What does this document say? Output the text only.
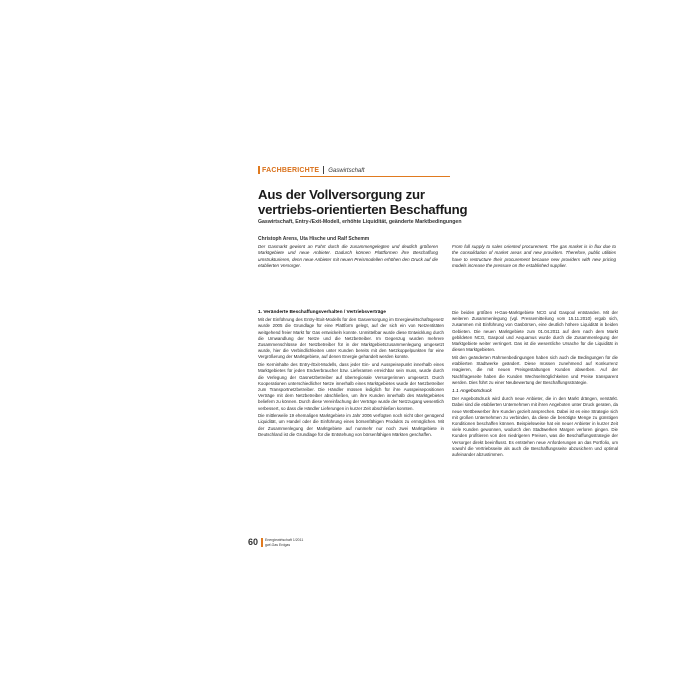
FACHBERICHTE Gaswirtschaft
Aus der Vollversorgung zur
vertriebs-orientierten Beschaffung
Gaswirtschaft, Entry-/Exit-Modell, erhöhte Liquidität, geänderte Marktbedingungen
Christoph Arens, Uta Hische und Ralf Schemm
Der Gasmarkt gewinnt an Fahrt durch die zusammengelegten und deutlich größeren Marktgebiete und neue Anbieter. Dadurch können Plattformen ihre Beschaffung umstrukturieren, denn neue Anbieter mit neuen Preismodellen erhöhen den Druck auf die etablierten Versorger.
From full supply to sales oriented procurement. The gas market is in flux due to the consolidation of market areas and new providers. Therefore, public utilities have to restructure their procurement because new providers with new pricing models increase the pressure on the established supplier.
1. Veränderte Beschaffungsverhalten / Vertriebsverträge

Mit der Einführung des Entry-/Exit-Modells für den Gasversorgung im Energiewirtschaftsgesetz wurde 2005 die Grundlage für eine Plattform gelegt, auf der sich ein von Netzentitäten weitgehend freier Markt für Gas entwickeln konnte. Unmittelbar wurde diese Entwicklung durch die Umwandlung der Netze und die Netzbetreiber. Im Gegenzug wurden mehrere Zusammenschlüsse der Netzbetreiber für in der Marktgebietszusammenlegung umgesetzt wurde, hier die Verbindlichkeiten unter Kunden bereits mit den Netzkoppelpunkten für eine Vergrößerung der Marktgebiete, auf denen Energie gehandelt werden konnte.

Die Kerninhalte des Entry-/Exit-Modells, dass jeder Ein- und Ausspeisepunkt innerhalb eines Marktgebietes für jeden Endverbraucher bzw. Lieferanten erreichbar sein muss, wurde durch die Verlegung der Gasnetzbetreiber auf überregionale Versorgerinnen umgesetzt. Durch Kooperationen unterschiedlicher Netze innerhalb eines Marktgebietes wurde der Netzbetreiber zum Transportnetzbetreiber. Die Händler müssen lediglich für ihre Ausspeisepositionen Verträge mit dem Netzbetreiber abschließen, um ihre Kunden innerhalb des Marktgebietes beliefern zu können. Durch diese Vereinfachung der Verträge wurde der Netzzugang wesentlich verbessert, so dass die Händler Lieferungen in kurzer Zeit abschließen konnten.

Die mittlerweile 19 ehemaligen Marktgebiete im Jahr 2006 verfügten noch nicht über genügend Liquidität, um Handel oder die Einführung eines börsenfähigen Produkts zu ermöglichen. Mit der Zusammenlegung der Marktgebiete auf nunmehr nur noch zwei Marktgebiete in Deutschland ist die Grundlage für die Entstehung von börsenfähigen Märkten geschaffen.

Die beiden größten H-Gas-Marktgebiete NCG und Gaspool entstanden. Mit der weiteren Zusammenlegung (vgl. Pressemitteilung vom 15.11.2010) ergab sich, zusammen mit Einführung von Gasbörsen, eine deutlich höhere Liquidität in beiden Gebieten. Die neuen Marktgebiete zum 01.04.2011 auf dem nach dem Markt gebildeten NCG, Gaspool und Aequamus wurde durch die Zusammenlegung der Marktgebiete weiter verringert. Das ist die wesentliche Ursache für die Liquidität in diesen Marktgebieten.

Mit den geänderten Rahmenbedingungen haben sich auch die Bedingungen für die etablierten Stadtwerke geändert. Diese müssen zunehmend auf Konkurrenz reagieren, die mit neuen Preisgestaltungen Kunden abwerben. Auf der Nachfrageseite haben die Kunden Wechselmöglichkeiten und Preise transparent werden. Dies führt zu einer Neubewertung der Beschaffungsstrategie.

1.1 Angebotsdruck

Der Angebotsdruck wird durch neue Anbieter, die in den Markt drängen, verstärkt. Dabei sind die etablierten Unternehmen mit ihren Angeboten unter Druck geraten, da neue Wettbewerber ihre Kunden gezielt ansprechen. Dabei ist es eine Strategie sich mit großen Unternehmen zu verbinden, da diese die benötigte Menge zu günstigen Konditionen beschaffen können. Beispielsweise hat ein neuer Anbieter in kurzer Zeit viele Kunden gewonnen, wodurch den Stadtwerken Margen verloren gingen. Die Kunden profitieren von den niedrigeren Preisen, was die Beschaffungsstrategie der Versorger direkt beeinflusst. Es entstehen neue Anforderungen an das Portfolio, um sowohl die Vertriebsseite als auch die Beschaffungsseite abzusichern und optimal aufeinander abzustimmen.

60 Energiewirtschaft 1/2011
gwf-Gas Erdgas
